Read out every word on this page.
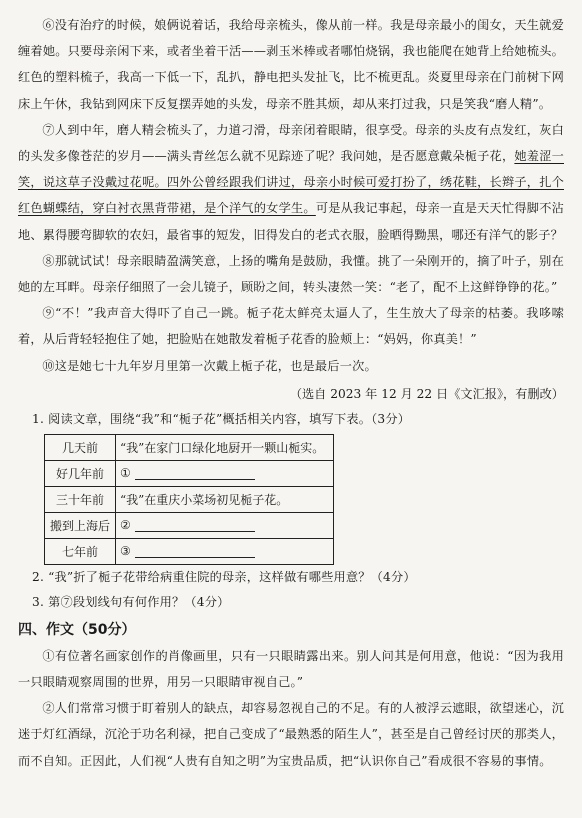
⑥没有治疗的时候，娘俩说着话，我给母亲梳头，像从前一样。我是母亲最小的闺女，天生就爱缠着她。只要母亲闲下来，或者坐着干活——剥玉米棒或者哪怕烧锅，我也能爬在她背上给她梳头。红色的塑料梳子，我高一下低一下，乱扒，静电把头发扯飞，比不梳更乱。炎夏里母亲在门前树下网床上午休，我钻到网床下反复摆弄她的头发，母亲不胜其烦，却从来打过我，只是笑我“磨人精”。

⑦人到中年，磨人精会梳头了，力道刁滑，母亲闭着眼睛，很享受。母亲的头皮有点发红，灰白的头发多像苍茫的岁月——满头青丝怎么就不见踪迹了呢？我问她，是否愿意戴朵栀子花，她羞涩一笑，说这草子没戴过花呢。四外公曾经跟我们讲过，母亲小时候可爱打扮了，绣花鞋，长辫子，扎个红色蝴蝶结，穿白衬衣黑背带裙，是个洋气的女学生。可是从我记事起，母亲一直是天天忙得脚不沾地、累得腰弯脚软的农妇，最省事的短发，旧得发白的老式衣服，脸晒得黝黑，哪还有洋气的影子？

⑧那就试试！母亲眼睛盈满笑意，上扬的嘴角是鼓励，我懂。挑了一朵刚开的，摘了叶子，别在她的左耳畔。母亲仔细照了一会儿镜子，顾盼之间，转头凄然一笑：“老了，配不上这鲜铮铮的花。”

⑨“不！”我声音大得吓了自己一跳。栀子花太鲜亮太逼人了，生生放大了母亲的枯萎。我哆嗦着，从后背轻轻抱住了她，把脸贴在她散发着栀子花香的脸颊上：“妈妈，你真美！”

⑩这是她七十九年岁月里第一次戴上栀子花，也是最后一次。

（选自 2023 年 12 月 22 日《文汇报》，有删改）

1. 阅读文章，围绕“我”和“栀子花”概括相关内容，填写下表。（3分）

几天前	“我”在家门口绿化地厨开一颗山栀实。
好几年前	①
三十年前	“我”在重庆小菜场初见栀子花。
搬到上海后	②
七年前	③

2. “我”折了栀子花带给病重住院的母亲，这样做有哪些用意？（4分）

3. 第⑦段划线句有何作用？（4分）

四、作文（50分）

①有位著名画家创作的肖像画里，只有一只眼睛露出来。别人问其是何用意，他说：“因为我用一只眼睛观察周围的世界，用另一只眼睛审视自己。”

②人们常常习惯于盯着别人的缺点，却容易忽视自己的不足。有的人被浮云遮眼，欲望迷心，沉迷于灯红酒绿，沉沦于功名利禄，把自己变成了“最熟悉的陌生人”，甚至是自己曾经讨厌的那类人，而不自知。正因此，人们视“人贵有自知之明”为宝贵品质，把“认识你自己”看成很不容易的事情。
